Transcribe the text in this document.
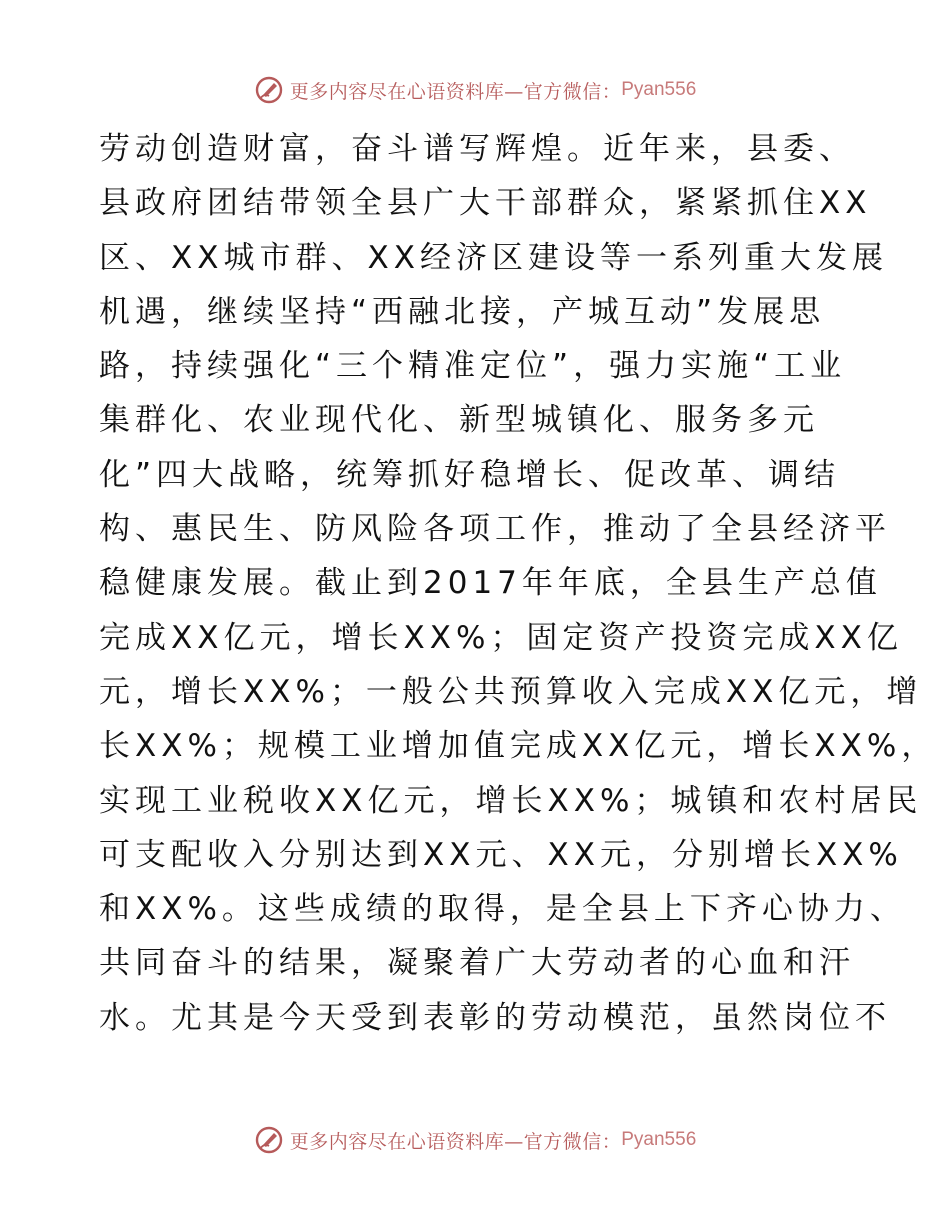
更多内容尽在心语资料库—官方微信： Pyan556
劳动创造财富，奋斗谱写辉煌。近年来，县委、
县政府团结带领全县广大干部群众，紧紧抓住XX
区、XX城市群、XX经济区建设等一系列重大发展
机遇，继续坚持“西融北接，产城互动”发展思
路，持续强化“三个精准定位”，强力实施“工业
集群化、农业现代化、新型城镇化、服务多元
化”四大战略，统筹抓好稳增长、促改革、调结
构、惠民生、防风险各项工作，推动了全县经济平
稳健康发展。截止到2017年年底，全县生产总值
完成XX亿元，增长XX%；固定资产投资完成XX亿
元，增长XX%；一般公共预算收入完成XX亿元，增
长XX%；规模工业增加值完成XX亿元，增长XX%，
实现工业税收XX亿元，增长XX%；城镇和农村居民
可支配收入分别达到XX元、XX元，分别增长XX%
和XX%。这些成绩的取得，是全县上下齐心协力、
共同奋斗的结果，凝聚着广大劳动者的心血和汗
水。尤其是今天受到表彰的劳动模范，虽然岗位不
更多内容尽在心语资料库—官方微信： Pyan556
